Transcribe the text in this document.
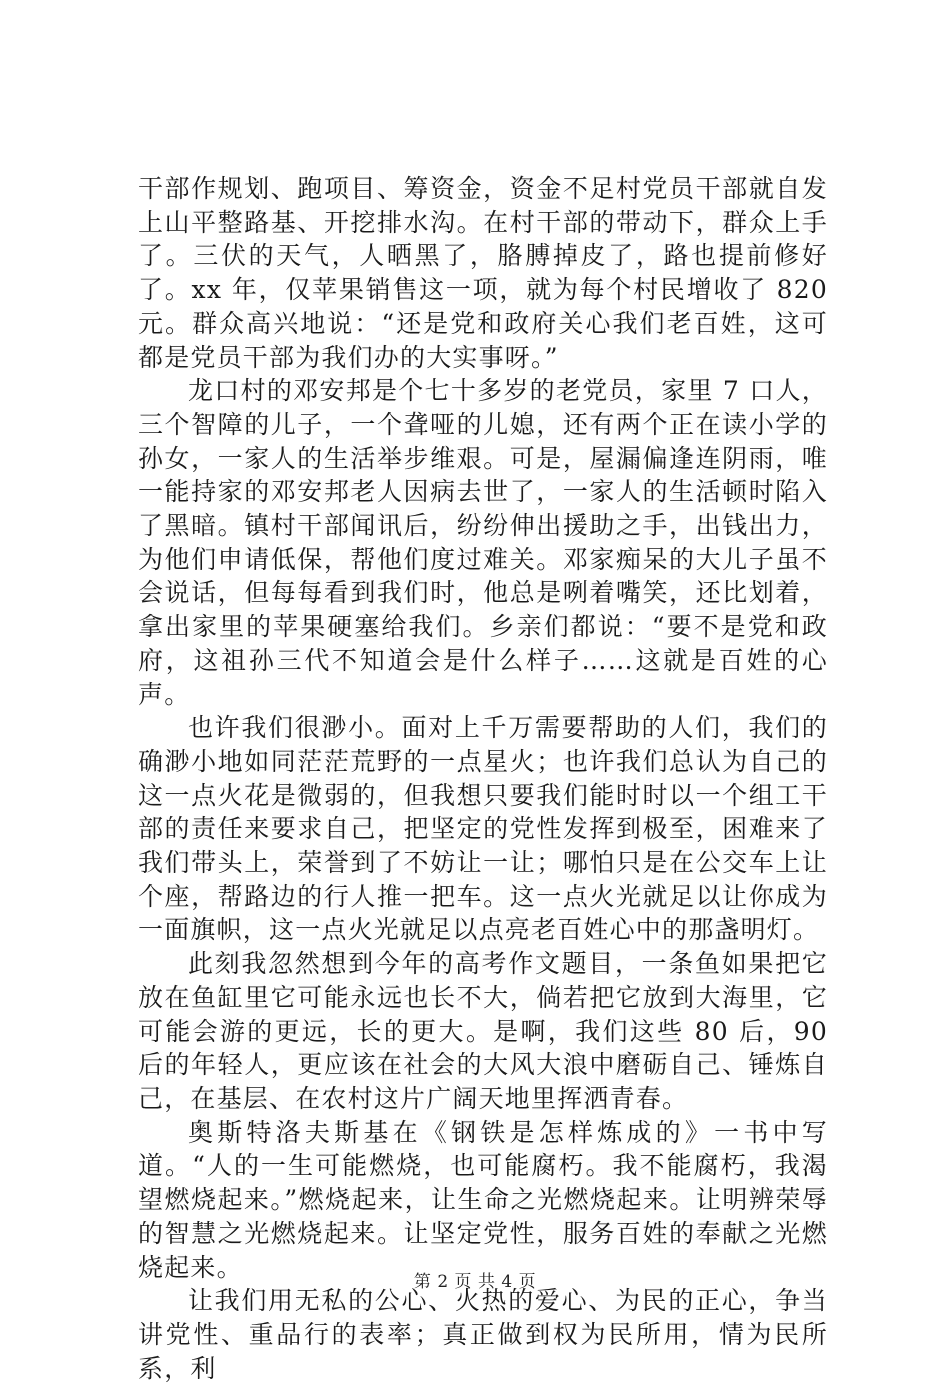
干部作规划、跑项目、筹资金，资金不足村党员干部就自发上山平整路基、开挖排水沟。在村干部的带动下，群众上手了。三伏的天气，人晒黑了，胳膊掉皮了，路也提前修好了。xx 年，仅苹果销售这一项，就为每个村民增收了 820 元。群众高兴地说：“还是党和政府关心我们老百姓，这可都是党员干部为我们办的大实事呀。”

龙口村的邓安邦是个七十多岁的老党员，家里 7 口人，三个智障的儿子，一个聋哑的儿媳，还有两个正在读小学的孙女，一家人的生活举步维艰。可是，屋漏偏逢连阴雨，唯一能持家的邓安邦老人因病去世了，一家人的生活顿时陷入了黑暗。镇村干部闻讯后，纷纷伸出援助之手，出钱出力，为他们申请低保，帮他们度过难关。邓家痴呆的大儿子虽不会说话，但每每看到我们时，他总是咧着嘴笑，还比划着，拿出家里的苹果硬塞给我们。乡亲们都说：“要不是党和政府，这祖孙三代不知道会是什么样子……这就是百姓的心声。

也许我们很渺小。面对上千万需要帮助的人们，我们的确渺小地如同茫茫荒野的一点星火；也许我们总认为自己的这一点火花是微弱的，但我想只要我们能时时以一个组工干部的责任来要求自己，把坚定的党性发挥到极至，困难来了我们带头上，荣誉到了不妨让一让；哪怕只是在公交车上让个座，帮路边的行人推一把车。这一点火光就足以让你成为一面旗帜，这一点火光就足以点亮老百姓心中的那盏明灯。

此刻我忽然想到今年的高考作文题目，一条鱼如果把它放在鱼缸里它可能永远也长不大，倘若把它放到大海里，它可能会游的更远，长的更大。是啊，我们这些 80 后，90 后的年轻人，更应该在社会的大风大浪中磨砺自己、锤炼自己，在基层、在农村这片广阔天地里挥洒青春。

奥斯特洛夫斯基在《钢铁是怎样炼成的》一书中写道。“人的一生可能燃烧，也可能腐朽。我不能腐朽，我渴望燃烧起来。”燃烧起来，让生命之光燃烧起来。让明辨荣辱的智慧之光燃烧起来。让坚定党性，服务百姓的奉献之光燃烧起来。

让我们用无私的公心、火热的爱心、为民的正心，争当讲党性、重品行的表率；真正做到权为民所用，情为民所系，利

第 2 页 共 4 页
